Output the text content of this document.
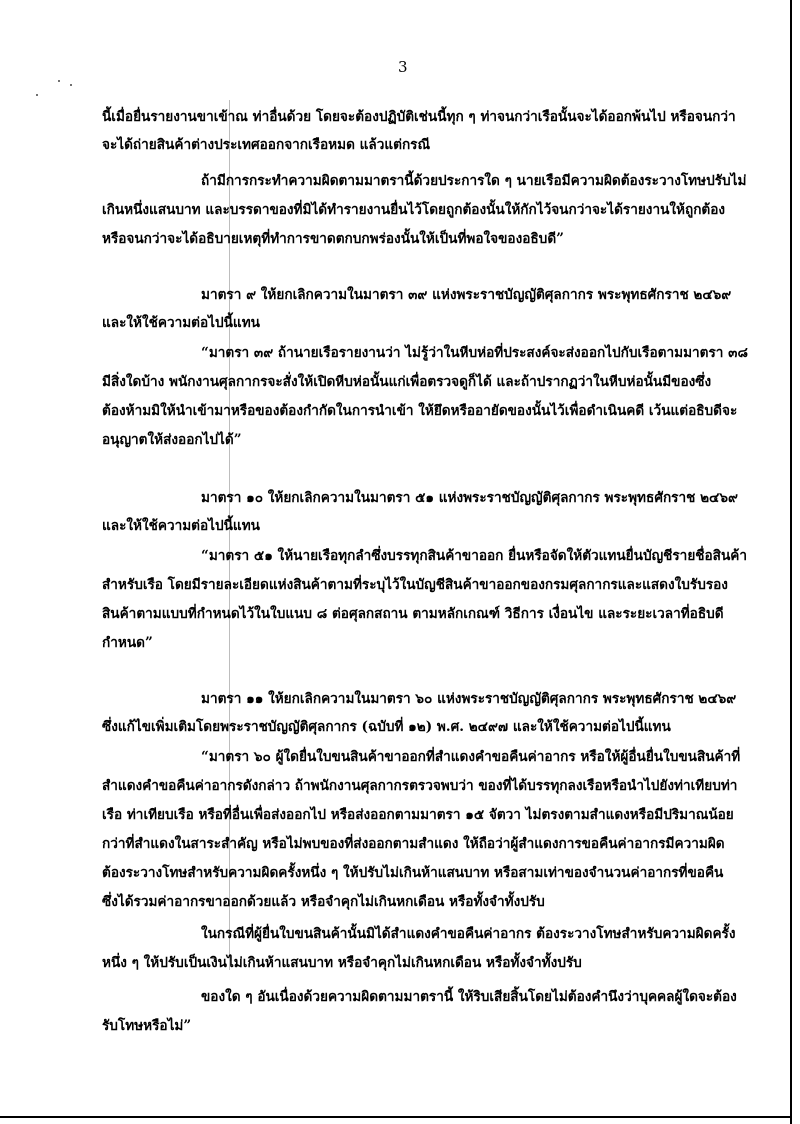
3
นี้เมื่อยื่นรายงานขาเข้าณ ท่าอื่นด้วย โดยจะต้องปฏิบัติเช่นนี้ทุก ๆ ท่าจนกว่าเรือนั้นจะได้ออกพ้นไป หรือจนกว่า
จะได้ถ่ายสินค้าต่างประเทศออกจากเรือหมด แล้วแต่กรณี
ถ้ามีการกระทำความผิดตามมาตรานี้ด้วยประการใด ๆ นายเรือมีความผิดต้องระวางโทษปรับไม่
เกินหนึ่งแสนบาท และบรรดาของที่มิได้ทำรายงานยื่นไว้โดยถูกต้องนั้นให้กักไว้จนกว่าจะได้รายงานให้ถูกต้อง
หรือจนกว่าจะได้อธิบายเหตุที่ทำการขาดตกบกพร่องนั้นให้เป็นที่พอใจของอธิบดี”
มาตรา ๙ ให้ยกเลิกความในมาตรา ๓๙ แห่งพระราชบัญญัติศุลกากร พระพุทธศักราช ๒๔๖๙
และให้ใช้ความต่อไปนี้แทน
“มาตรา ๓๙ ถ้านายเรือรายงานว่า ไม่รู้ว่าในหีบห่อที่ประสงค์จะส่งออกไปกับเรือตามมาตรา ๓๘
มีสิ่งใดบ้าง พนักงานศุลกากรจะสั่งให้เปิดหีบห่อนั้นแก่เพื่อตรวจดูก็ได้ และถ้าปรากฏว่าในหีบห่อนั้นมีของซึ่ง
ต้องห้ามมิให้นำเข้ามาหรือของต้องกำกัดในการนำเข้า ให้ยึดหรืออายัดของนั้นไว้เพื่อดำเนินคดี เว้นแต่อธิบดีจะ
อนุญาตให้ส่งออกไปได้”
มาตรา ๑๐ ให้ยกเลิกความในมาตรา ๕๑ แห่งพระราชบัญญัติศุลกากร พระพุทธศักราช ๒๔๖๙
และให้ใช้ความต่อไปนี้แทน
“มาตรา ๕๑ ให้นายเรือทุกลำซึ่งบรรทุกสินค้าขาออก ยื่นหรือจัดให้ตัวแทนยื่นบัญชีรายชื่อสินค้า
สำหรับเรือ โดยมีรายละเอียดแห่งสินค้าตามที่ระบุไว้ในบัญชีสินค้าขาออกของกรมศุลกากรและแสดงใบรับรอง
สินค้าตามแบบที่กำหนดไว้ในใบแนบ ๘ ต่อศุลกสถาน ตามหลักเกณฑ์ วิธีการ เงื่อนไข และระยะเวลาที่อธิบดี
กำหนด”
มาตรา ๑๑ ให้ยกเลิกความในมาตรา ๖๐ แห่งพระราชบัญญัติศุลกากร พระพุทธศักราช ๒๔๖๙
ซึ่งแก้ไขเพิ่มเติมโดยพระราชบัญญัติศุลกากร (ฉบับที่ ๑๒) พ.ศ. ๒๔๙๗ และให้ใช้ความต่อไปนี้แทน
“มาตรา ๖๐ ผู้ใดยื่นใบขนสินค้าขาออกที่สำแดงคำขอคืนค่าอากร หรือให้ผู้อื่นยื่นใบขนสินค้าที่
สำแดงคำขอคืนค่าอากรดังกล่าว ถ้าพนักงานศุลกากรตรวจพบว่า ของที่ได้บรรทุกลงเรือหรือนำไปยังท่าเทียบท่า
เรือ ท่าเทียบเรือ หรือที่อื่นเพื่อส่งออกไป หรือส่งออกตามมาตรา ๑๕ จัตวา ไม่ตรงตามสำแดงหรือมีปริมาณน้อย
กว่าที่สำแดงในสาระสำคัญ หรือไม่พบของที่ส่งออกตามสำแดง ให้ถือว่าผู้สำแดงการขอคืนค่าอากรมีความผิด
ต้องระวางโทษสำหรับความผิดครั้งหนึ่ง ๆ ให้ปรับไม่เกินห้าแสนบาท หรือสามเท่าของจำนวนค่าอากรที่ขอคืน
ซึ่งได้รวมค่าอากรขาออกด้วยแล้ว หรือจำคุกไม่เกินหกเดือน หรือทั้งจำทั้งปรับ
ในกรณีที่ผู้ยื่นใบขนสินค้านั้นมิได้สำแดงคำขอคืนค่าอากร ต้องระวางโทษสำหรับความผิดครั้ง
หนึ่ง ๆ ให้ปรับเป็นเงินไม่เกินห้าแสนบาท หรือจำคุกไม่เกินหกเดือน หรือทั้งจำทั้งปรับ
ของใด ๆ อันเนื่องด้วยความผิดตามมาตรานี้ ให้ริบเสียสิ้นโดยไม่ต้องคำนึงว่าบุคคลผู้ใดจะต้อง
รับโทษหรือไม่”
